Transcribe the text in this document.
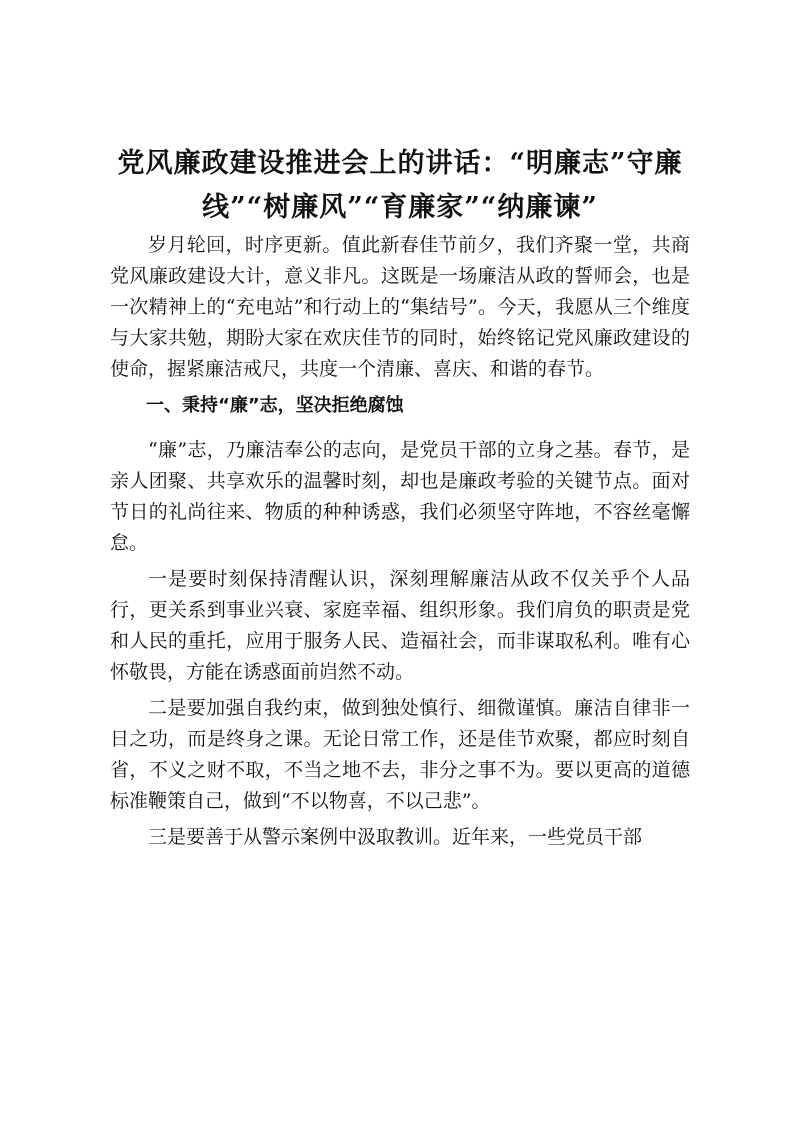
党风廉政建设推进会上的讲话：“明廉志”守廉线”“树廉风”“育廉家”“纳廉谏”

岁月轮回，时序更新。值此新春佳节前夕，我们齐聚一堂，共商党风廉政建设大计，意义非凡。这既是一场廉洁从政的誓师会，也是一次精神上的“充电站”和行动上的“集结号”。今天，我愿从三个维度与大家共勉，期盼大家在欢庆佳节的同时，始终铭记党风廉政建设的使命，握紧廉洁戒尺，共度一个清廉、喜庆、和谐的春节。

一、秉持“廉”志，坚决拒绝腐蚀

“廉”志，乃廉洁奉公的志向，是党员干部的立身之基。春节，是亲人团聚、共享欢乐的温馨时刻，却也是廉政考验的关键节点。面对节日的礼尚往来、物质的种种诱惑，我们必须坚守阵地，不容丝毫懈怠。

一是要时刻保持清醒认识，深刻理解廉洁从政不仅关乎个人品行，更关系到事业兴衰、家庭幸福、组织形象。我们肩负的职责是党和人民的重托，应用于服务人民、造福社会，而非谋取私利。唯有心怀敬畏，方能在诱惑面前岿然不动。

二是要加强自我约束，做到独处慎行、细微谨慎。廉洁自律非一日之功，而是终身之课。无论日常工作，还是佳节欢聚，都应时刻自省，不义之财不取，不当之地不去，非分之事不为。要以更高的道德标准鞭策自己，做到“不以物喜，不以己悲”。

三是要善于从警示案例中汲取教训。近年来，一些党员干部
